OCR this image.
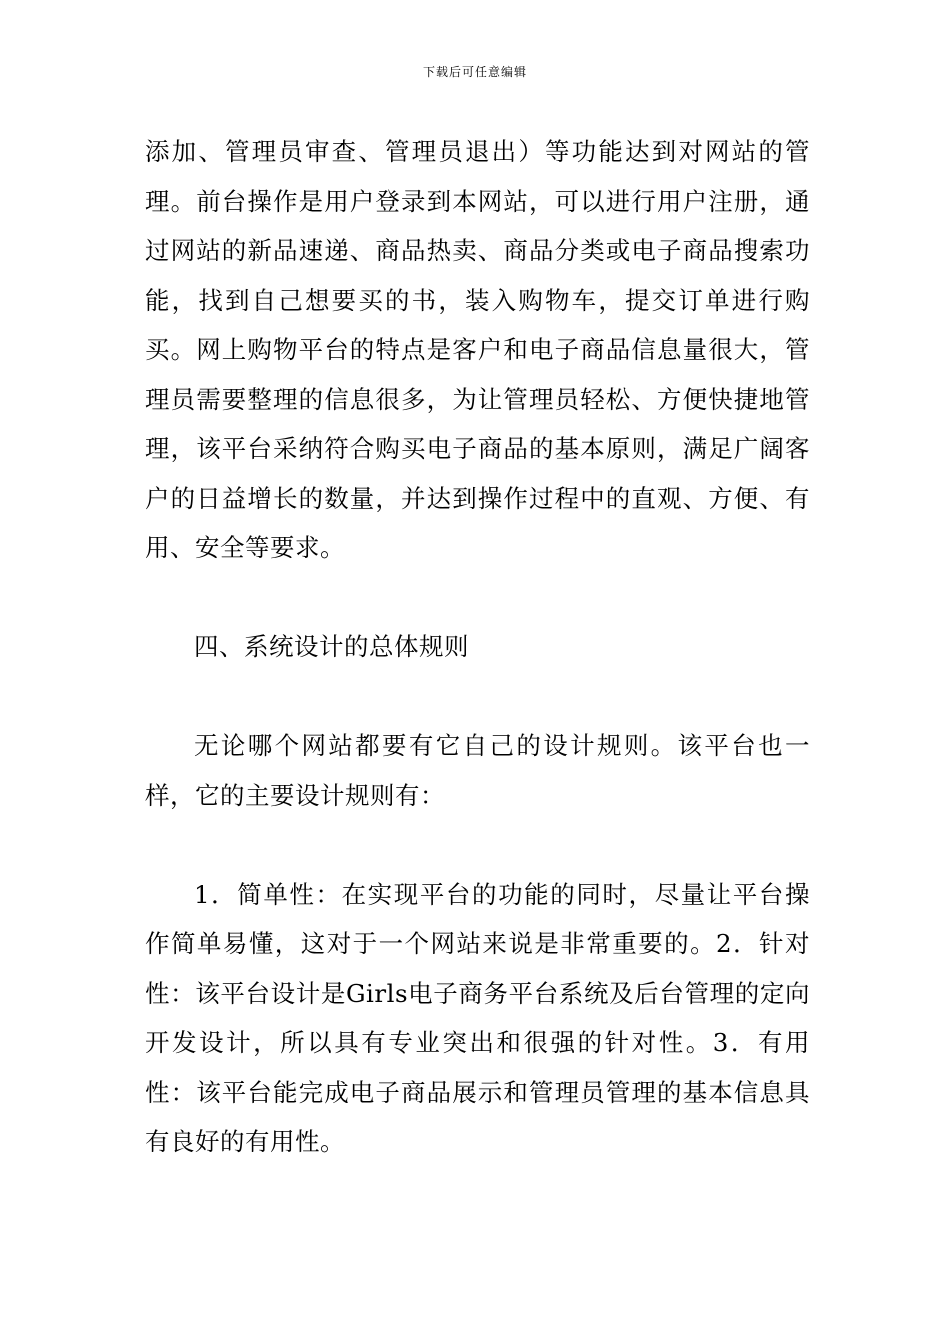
下载后可任意编辑

添加、管理员审查、管理员退出）等功能达到对网站的管理。前台操作是用户登录到本网站，可以进行用户注册，通过网站的新品速递、商品热卖、商品分类或电子商品搜索功能，找到自己想要买的书，装入购物车，提交订单进行购买。网上购物平台的特点是客户和电子商品信息量很大，管理员需要整理的信息很多，为让管理员轻松、方便快捷地管理，该平台采纳符合购买电子商品的基本原则，满足广阔客户的日益增长的数量，并达到操作过程中的直观、方便、有用、安全等要求。

四、系统设计的总体规则

无论哪个网站都要有它自己的设计规则。该平台也一样，它的主要设计规则有：

1．简单性：在实现平台的功能的同时，尽量让平台操作简单易懂，这对于一个网站来说是非常重要的。2．针对性：该平台设计是Girls电子商务平台系统及后台管理的定向开发设计，所以具有专业突出和很强的针对性。3．有用性：该平台能完成电子商品展示和管理员管理的基本信息具有良好的有用性。
